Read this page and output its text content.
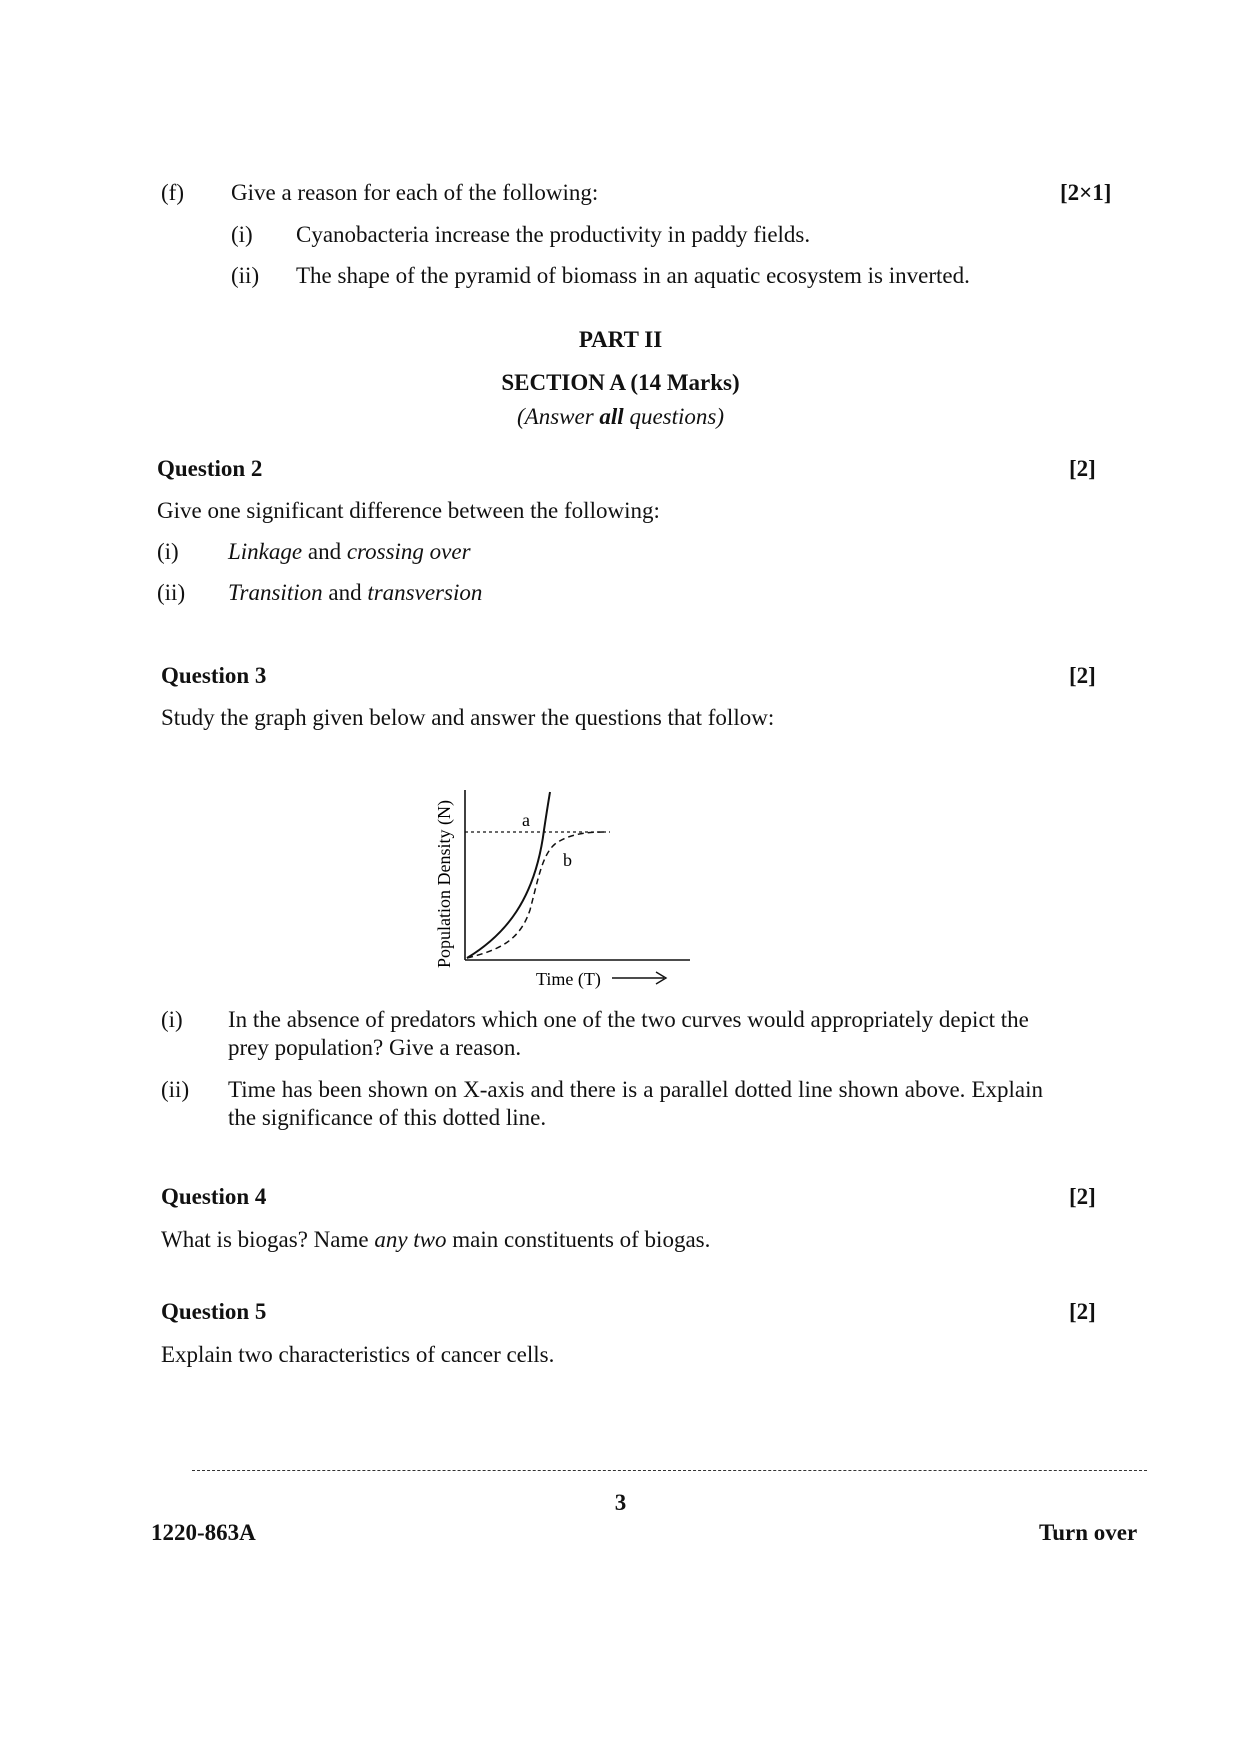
(f) Give a reason for each of the following:	[2×1]
(i) Cyanobacteria increase the productivity in paddy fields.
(ii) The shape of the pyramid of biomass in an aquatic ecosystem is inverted.
PART II
SECTION A (14 Marks)
(Answer all questions)
Question 2	[2]
Give one significant difference between the following:
(i) Linkage and crossing over
(ii) Transition and transversion
Question 3	[2]
Study the graph given below and answer the questions that follow:
a
b
Population Density (N)
Time (T)
(i) In the absence of predators which one of the two curves would appropriately depict the prey population? Give a reason.
(ii) Time has been shown on X-axis and there is a parallel dotted line shown above. Explain the significance of this dotted line.
Question 4	[2]
What is biogas? Name any two main constituents of biogas.
Question 5	[2]
Explain two characteristics of cancer cells.
3
1220-863A	Turn over
